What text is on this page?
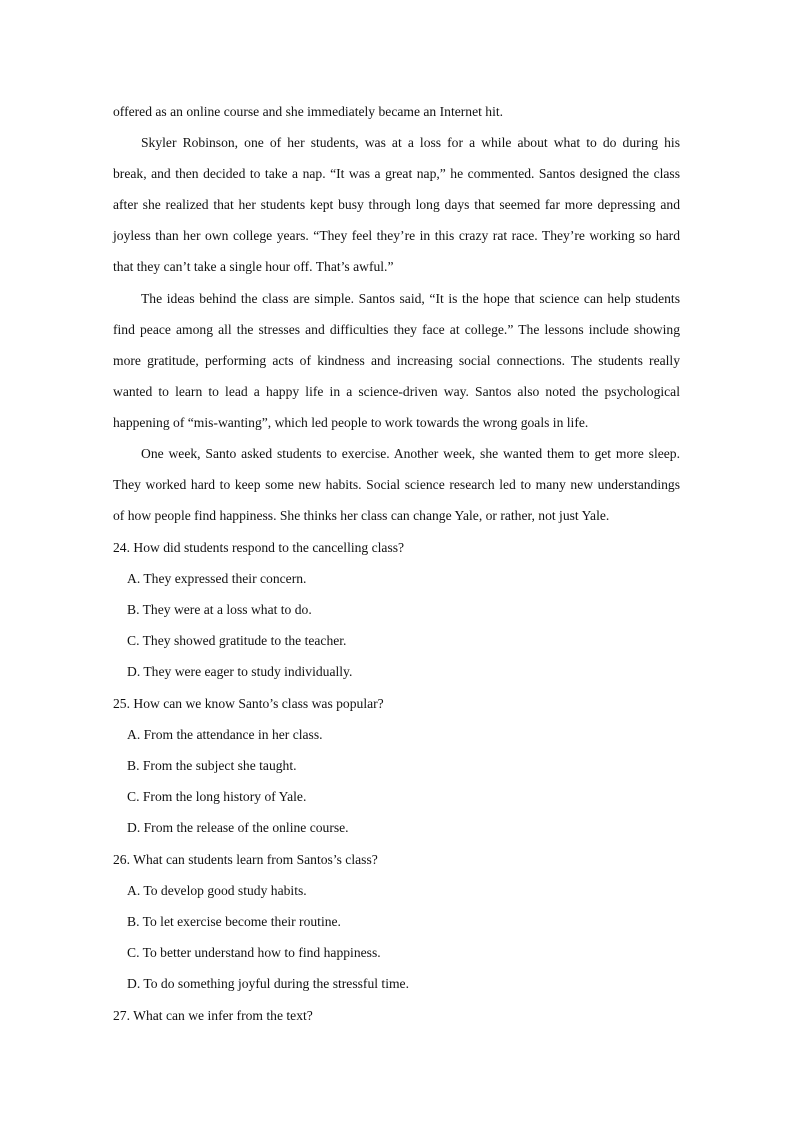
offered as an online course and she immediately became an Internet hit.
Skyler Robinson, one of her students, was at a loss for a while about what to do during his
break, and then decided to take a nap. “It was a great nap,” he commented. Santos designed the class
after she realized that her students kept busy through long days that seemed far more depressing and
joyless than her own college years. “They feel they’re in this crazy rat race. They’re working so hard
that they can’t take a single hour off. That’s awful.”
The ideas behind the class are simple. Santos said, “It is the hope that science can help students
find peace among all the stresses and difficulties they face at college.” The lessons include showing
more gratitude, performing acts of kindness and increasing social connections. The students really
wanted to learn to lead a happy life in a science-driven way. Santos also noted the psychological
happening of “mis-wanting”, which led people to work towards the wrong goals in life.
One week, Santo asked students to exercise. Another week, she wanted them to get more sleep.
They worked hard to keep some new habits. Social science research led to many new understandings
of how people find happiness. She thinks her class can change Yale, or rather, not just Yale.
24. How did students respond to the cancelling class?
A. They expressed their concern.
B. They were at a loss what to do.
C. They showed gratitude to the teacher.
D. They were eager to study individually.
25. How can we know Santo’s class was popular?
A. From the attendance in her class.
B. From the subject she taught.
C. From the long history of Yale.
D. From the release of the online course.
26. What can students learn from Santos’s class?
A. To develop good study habits.
B. To let exercise become their routine.
C. To better understand how to find happiness.
D. To do something joyful during the stressful time.
27. What can we infer from the text?
